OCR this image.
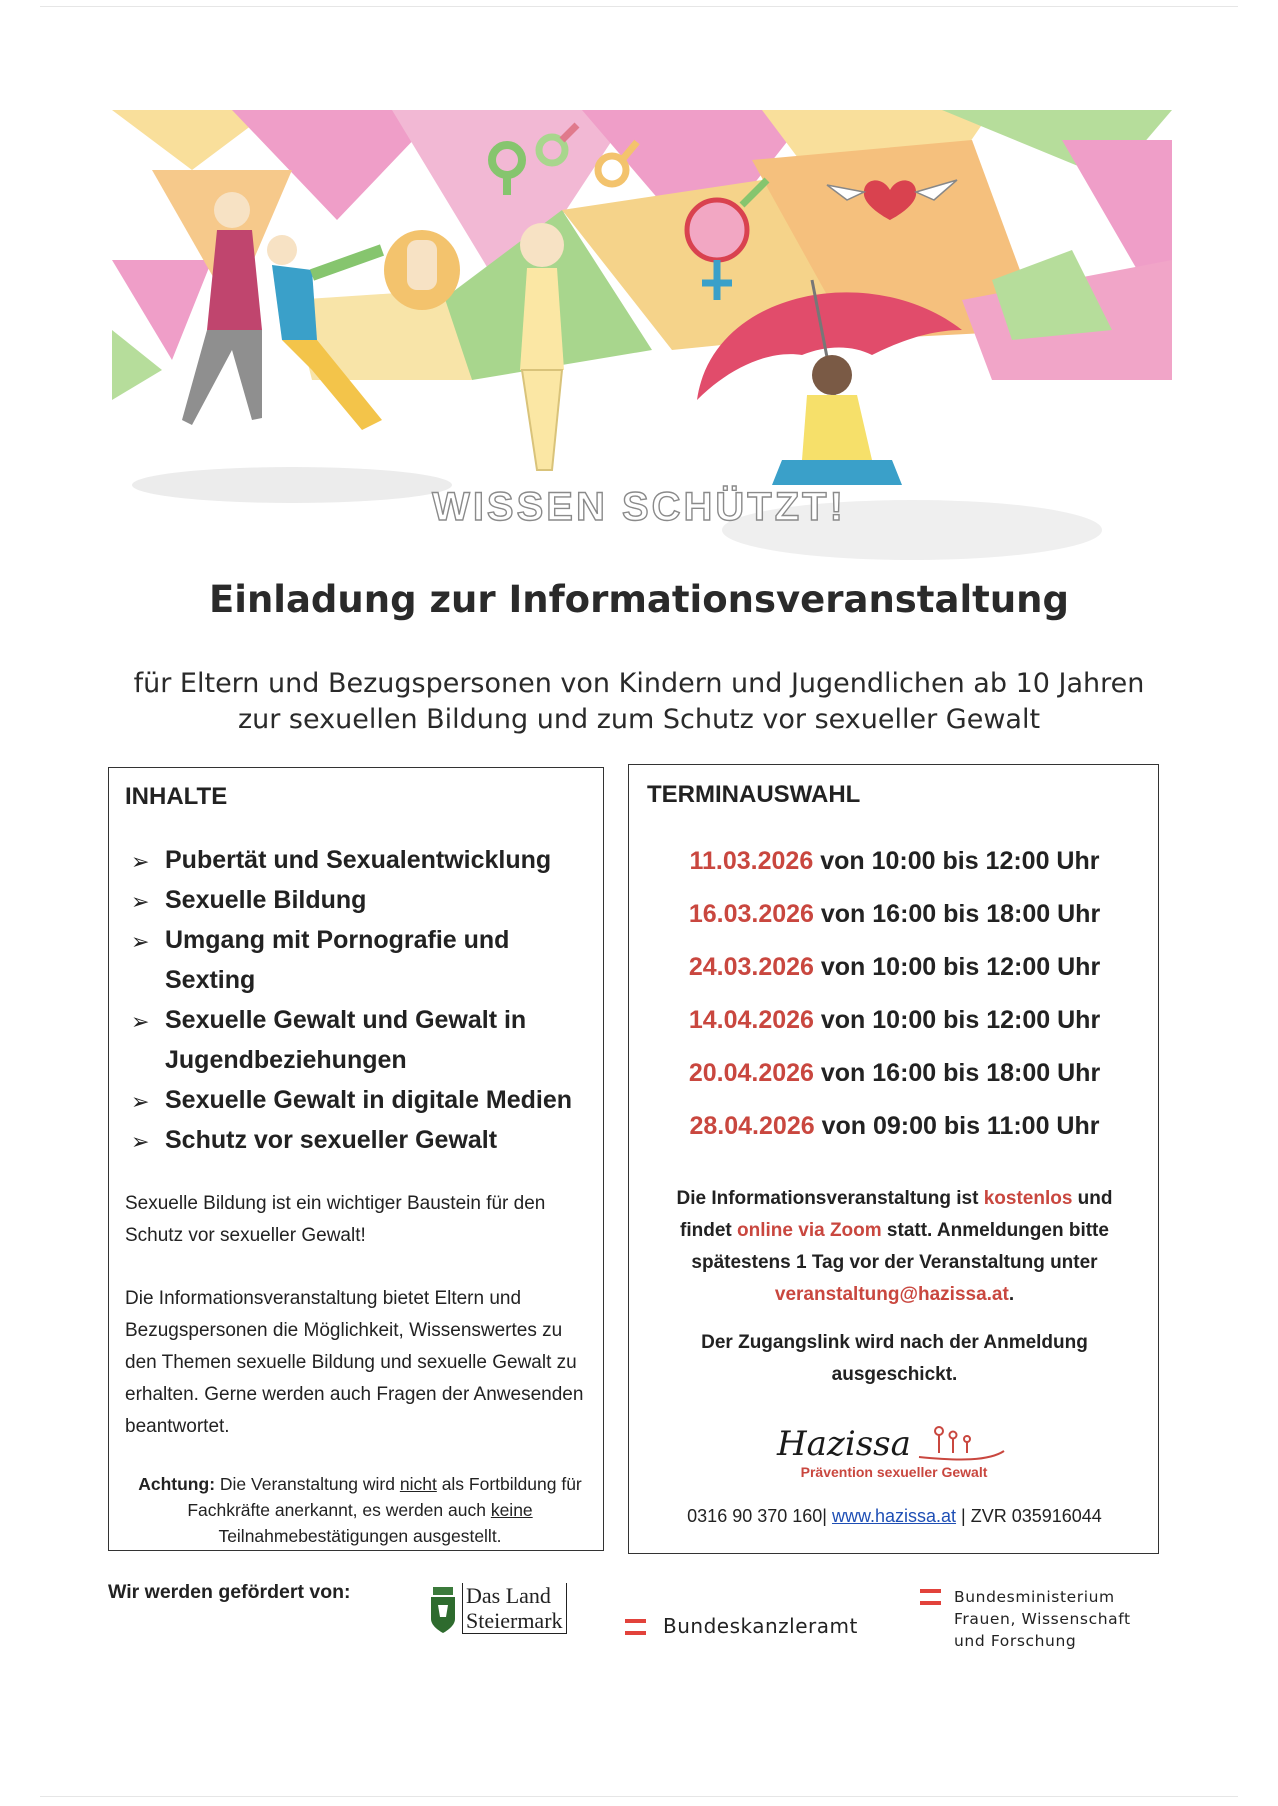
WISSEN SCHÜTZT!
Einladung zur Informationsveranstaltung
für Eltern und Bezugspersonen von Kindern und Jugendlichen ab 10 Jahren
zur sexuellen Bildung und zum Schutz vor sexueller Gewalt
INHALTE
➢ Pubertät und Sexualentwicklung
➢ Sexuelle Bildung
➢ Umgang mit Pornografie und Sexting
➢ Sexuelle Gewalt und Gewalt in Jugendbeziehungen
➢ Sexuelle Gewalt in digitale Medien
➢ Schutz vor sexueller Gewalt

Sexuelle Bildung ist ein wichtiger Baustein für den Schutz vor sexueller Gewalt!

Die Informationsveranstaltung bietet Eltern und Bezugspersonen die Möglichkeit, Wissenswertes zu den Themen sexuelle Bildung und sexuelle Gewalt zu erhalten. Gerne werden auch Fragen der Anwesenden beantwortet.

Achtung: Die Veranstaltung wird nicht als Fortbildung für Fachkräfte anerkannt, es werden auch keine Teilnahmebestätigungen ausgestellt.

TERMINAUSWAHL
11.03.2026 von 10:00 bis 12:00 Uhr
16.03.2026 von 16:00 bis 18:00 Uhr
24.03.2026 von 10:00 bis 12:00 Uhr
14.04.2026 von 10:00 bis 12:00 Uhr
20.04.2026 von 16:00 bis 18:00 Uhr
28.04.2026 von 09:00 bis 11:00 Uhr

Die Informationsveranstaltung ist kostenlos und findet online via Zoom statt. Anmeldungen bitte spätestens 1 Tag vor der Veranstaltung unter veranstaltung@hazissa.at.

Der Zugangslink wird nach der Anmeldung ausgeschickt.

Hazissa
Prävention sexueller Gewalt
0316 90 370 160| www.hazissa.at | ZVR 035916044
Wir werden gefördert von:	Das Land
Steiermark	Bundeskanzleramt
Bundesministerium
Frauen, Wissenschaft
und Forschung
